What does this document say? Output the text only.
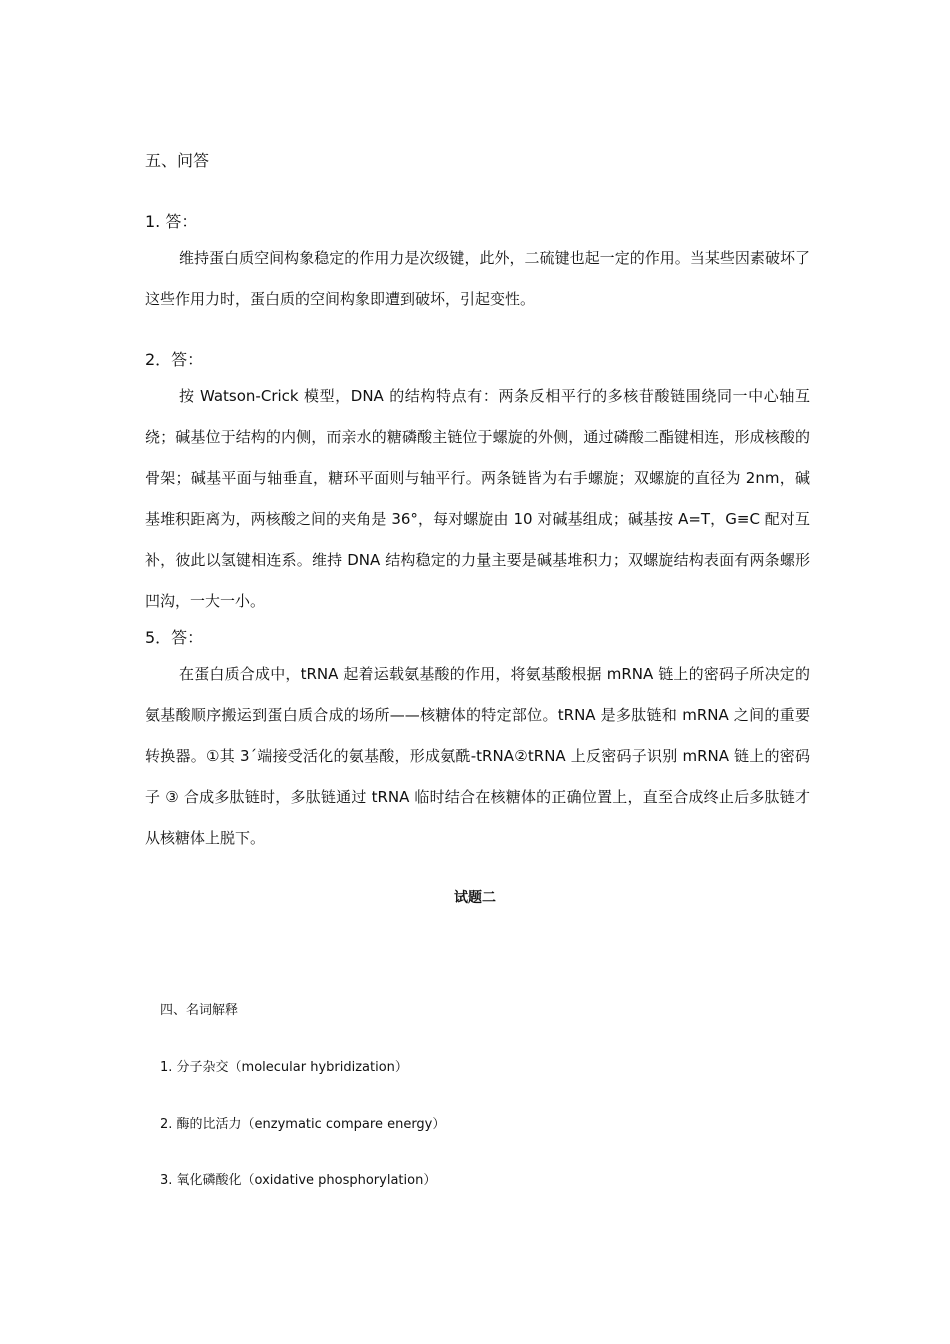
五、问答
1. 答：

维持蛋白质空间构象稳定的作用力是次级键，此外，二硫键也起一定的作用。当某些因素破坏了这些作用力时，蛋白质的空间构象即遭到破坏，引起变性。

2．答：

按 Watson-Crick 模型，DNA 的结构特点有：两条反相平行的多核苷酸链围绕同一中心轴互绕；碱基位于结构的内侧，而亲水的糖磷酸主链位于螺旋的外侧，通过磷酸二酯键相连，形成核酸的骨架；碱基平面与轴垂直，糖环平面则与轴平行。两条链皆为右手螺旋；双螺旋的直径为 2nm，碱基堆积距离为，两核酸之间的夹角是 36°，每对螺旋由 10 对碱基组成；碱基按 A=T，G≡C 配对互补，彼此以氢键相连系。维持 DNA 结构稳定的力量主要是碱基堆积力；双螺旋结构表面有两条螺形凹沟，一大一小。

5．答：

在蛋白质合成中，tRNA 起着运载氨基酸的作用，将氨基酸根据 mRNA 链上的密码子所决定的氨基酸顺序搬运到蛋白质合成的场所——核糖体的特定部位。tRNA 是多肽链和 mRNA 之间的重要转换器。①其 3´端接受活化的氨基酸，形成氨酰-tRNA②tRNA 上反密码子识别 mRNA 链上的密码子 ③ 合成多肽链时，多肽链通过 tRNA 临时结合在核糖体的正确位置上，直至合成终止后多肽链才从核糖体上脱下。

试题二
四、名词解释
1. 分子杂交（molecular hybridization）
2. 酶的比活力（enzymatic compare energy）
3. 氧化磷酸化（oxidative phosphorylation）
